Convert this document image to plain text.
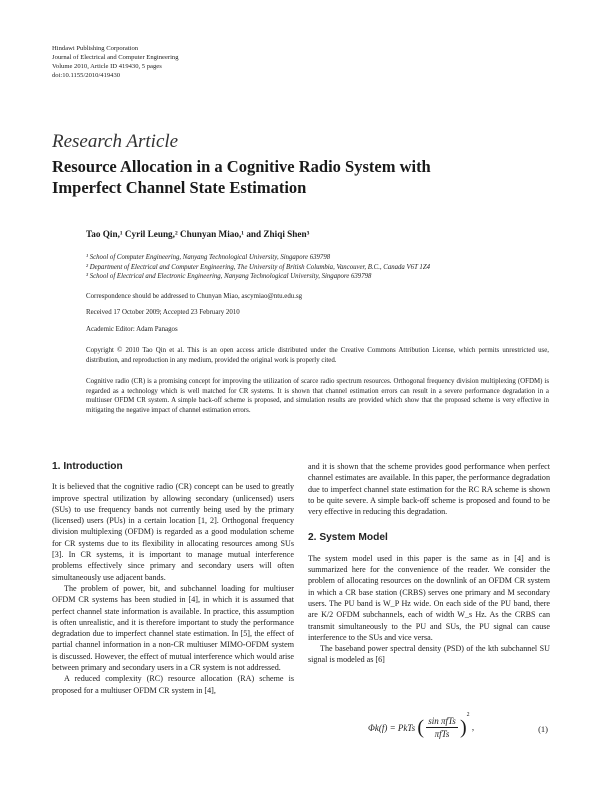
Hindawi Publishing Corporation
Journal of Electrical and Computer Engineering
Volume 2010, Article ID 419430, 5 pages
doi:10.1155/2010/419430
Research Article
Resource Allocation in a Cognitive Radio System with
Imperfect Channel State Estimation
Tao Qin,¹ Cyril Leung,² Chunyan Miao,¹ and Zhiqi Shen³
¹ School of Computer Engineering, Nanyang Technological University, Singapore 639798
² Department of Electrical and Computer Engineering, The University of British Columbia, Vancouver, B.C., Canada V6T 1Z4
³ School of Electrical and Electronic Engineering, Nanyang Technological University, Singapore 639798
Correspondence should be addressed to Chunyan Miao, ascymiao@ntu.edu.sg
Received 17 October 2009; Accepted 23 February 2010
Academic Editor: Adam Panagos
Copyright © 2010 Tao Qin et al. This is an open access article distributed under the Creative Commons Attribution License, which permits unrestricted use, distribution, and reproduction in any medium, provided the original work is properly cited.
Cognitive radio (CR) is a promising concept for improving the utilization of scarce radio spectrum resources. Orthogonal frequency division multiplexing (OFDM) is regarded as a technology which is well matched for CR systems. It is shown that channel estimation errors can result in a severe performance degradation in a multiuser OFDM CR system. A simple back-off scheme is proposed, and simulation results are provided which show that the proposed scheme is very effective in mitigating the negative impact of channel estimation errors.
1. Introduction

It is believed that the cognitive radio (CR) concept can be used to greatly improve spectral utilization by allowing secondary (unlicensed) users (SUs) to use frequency bands not currently being used by the primary (licensed) users (PUs) in a certain location [1, 2]. Orthogonal frequency division multiplexing (OFDM) is regarded as a good modulation scheme for CR systems due to its flexibility in allocating resources among SUs [3]. In CR systems, it is important to manage mutual interference problems effectively since primary and secondary users will often simultaneously use adjacent bands.

The problem of power, bit, and subchannel loading for multiuser OFDM CR systems has been studied in [4], in which it is assumed that perfect channel state information is available. In practice, this assumption is often unrealistic, and it is therefore important to study the performance degradation due to imperfect channel state estimation. In [5], the effect of partial channel information in a non-CR multiuser MIMO-OFDM system is discussed. However, the effect of mutual interference which would arise between primary and secondary users in a CR system is not addressed.

A reduced complexity (RC) resource allocation (RA) scheme is proposed for a multiuser OFDM CR system in [4],

and it is shown that the scheme provides good performance when perfect channel estimates are available. In this paper, the performance degradation due to imperfect channel state estimation for the RC RA scheme is shown to be quite severe. A simple back-off scheme is proposed and found to be very effective in reducing this degradation.

2. System Model

The system model used in this paper is the same as in [4] and is summarized here for the convenience of the reader. We consider the problem of allocating resources on the downlink of an OFDM CR system in which a CR base station (CRBS) serves one primary and M secondary users. The PU band is W_P Hz wide. On each side of the PU band, there are K/2 OFDM subchannels, each of width W_s Hz. As the CRBS can transmit simultaneously to the PU and SUs, the PU signal can cause interference to the SUs and vice versa.

The baseband power spectral density (PSD) of the kth subchannel SU signal is modeled as [6]

Φk(f) = PkTs ( sin πfTs
πfTs )$^2$ ,	(1)
